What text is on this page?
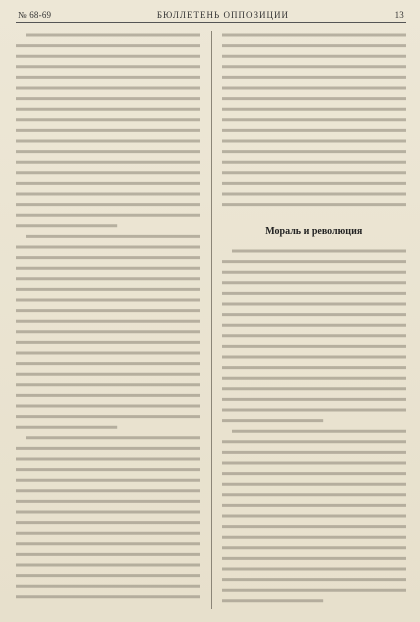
№ 68-69	БЮЛЛЕТЕНЬ ОППОЗИЦИИ	13
Мораль и революция
